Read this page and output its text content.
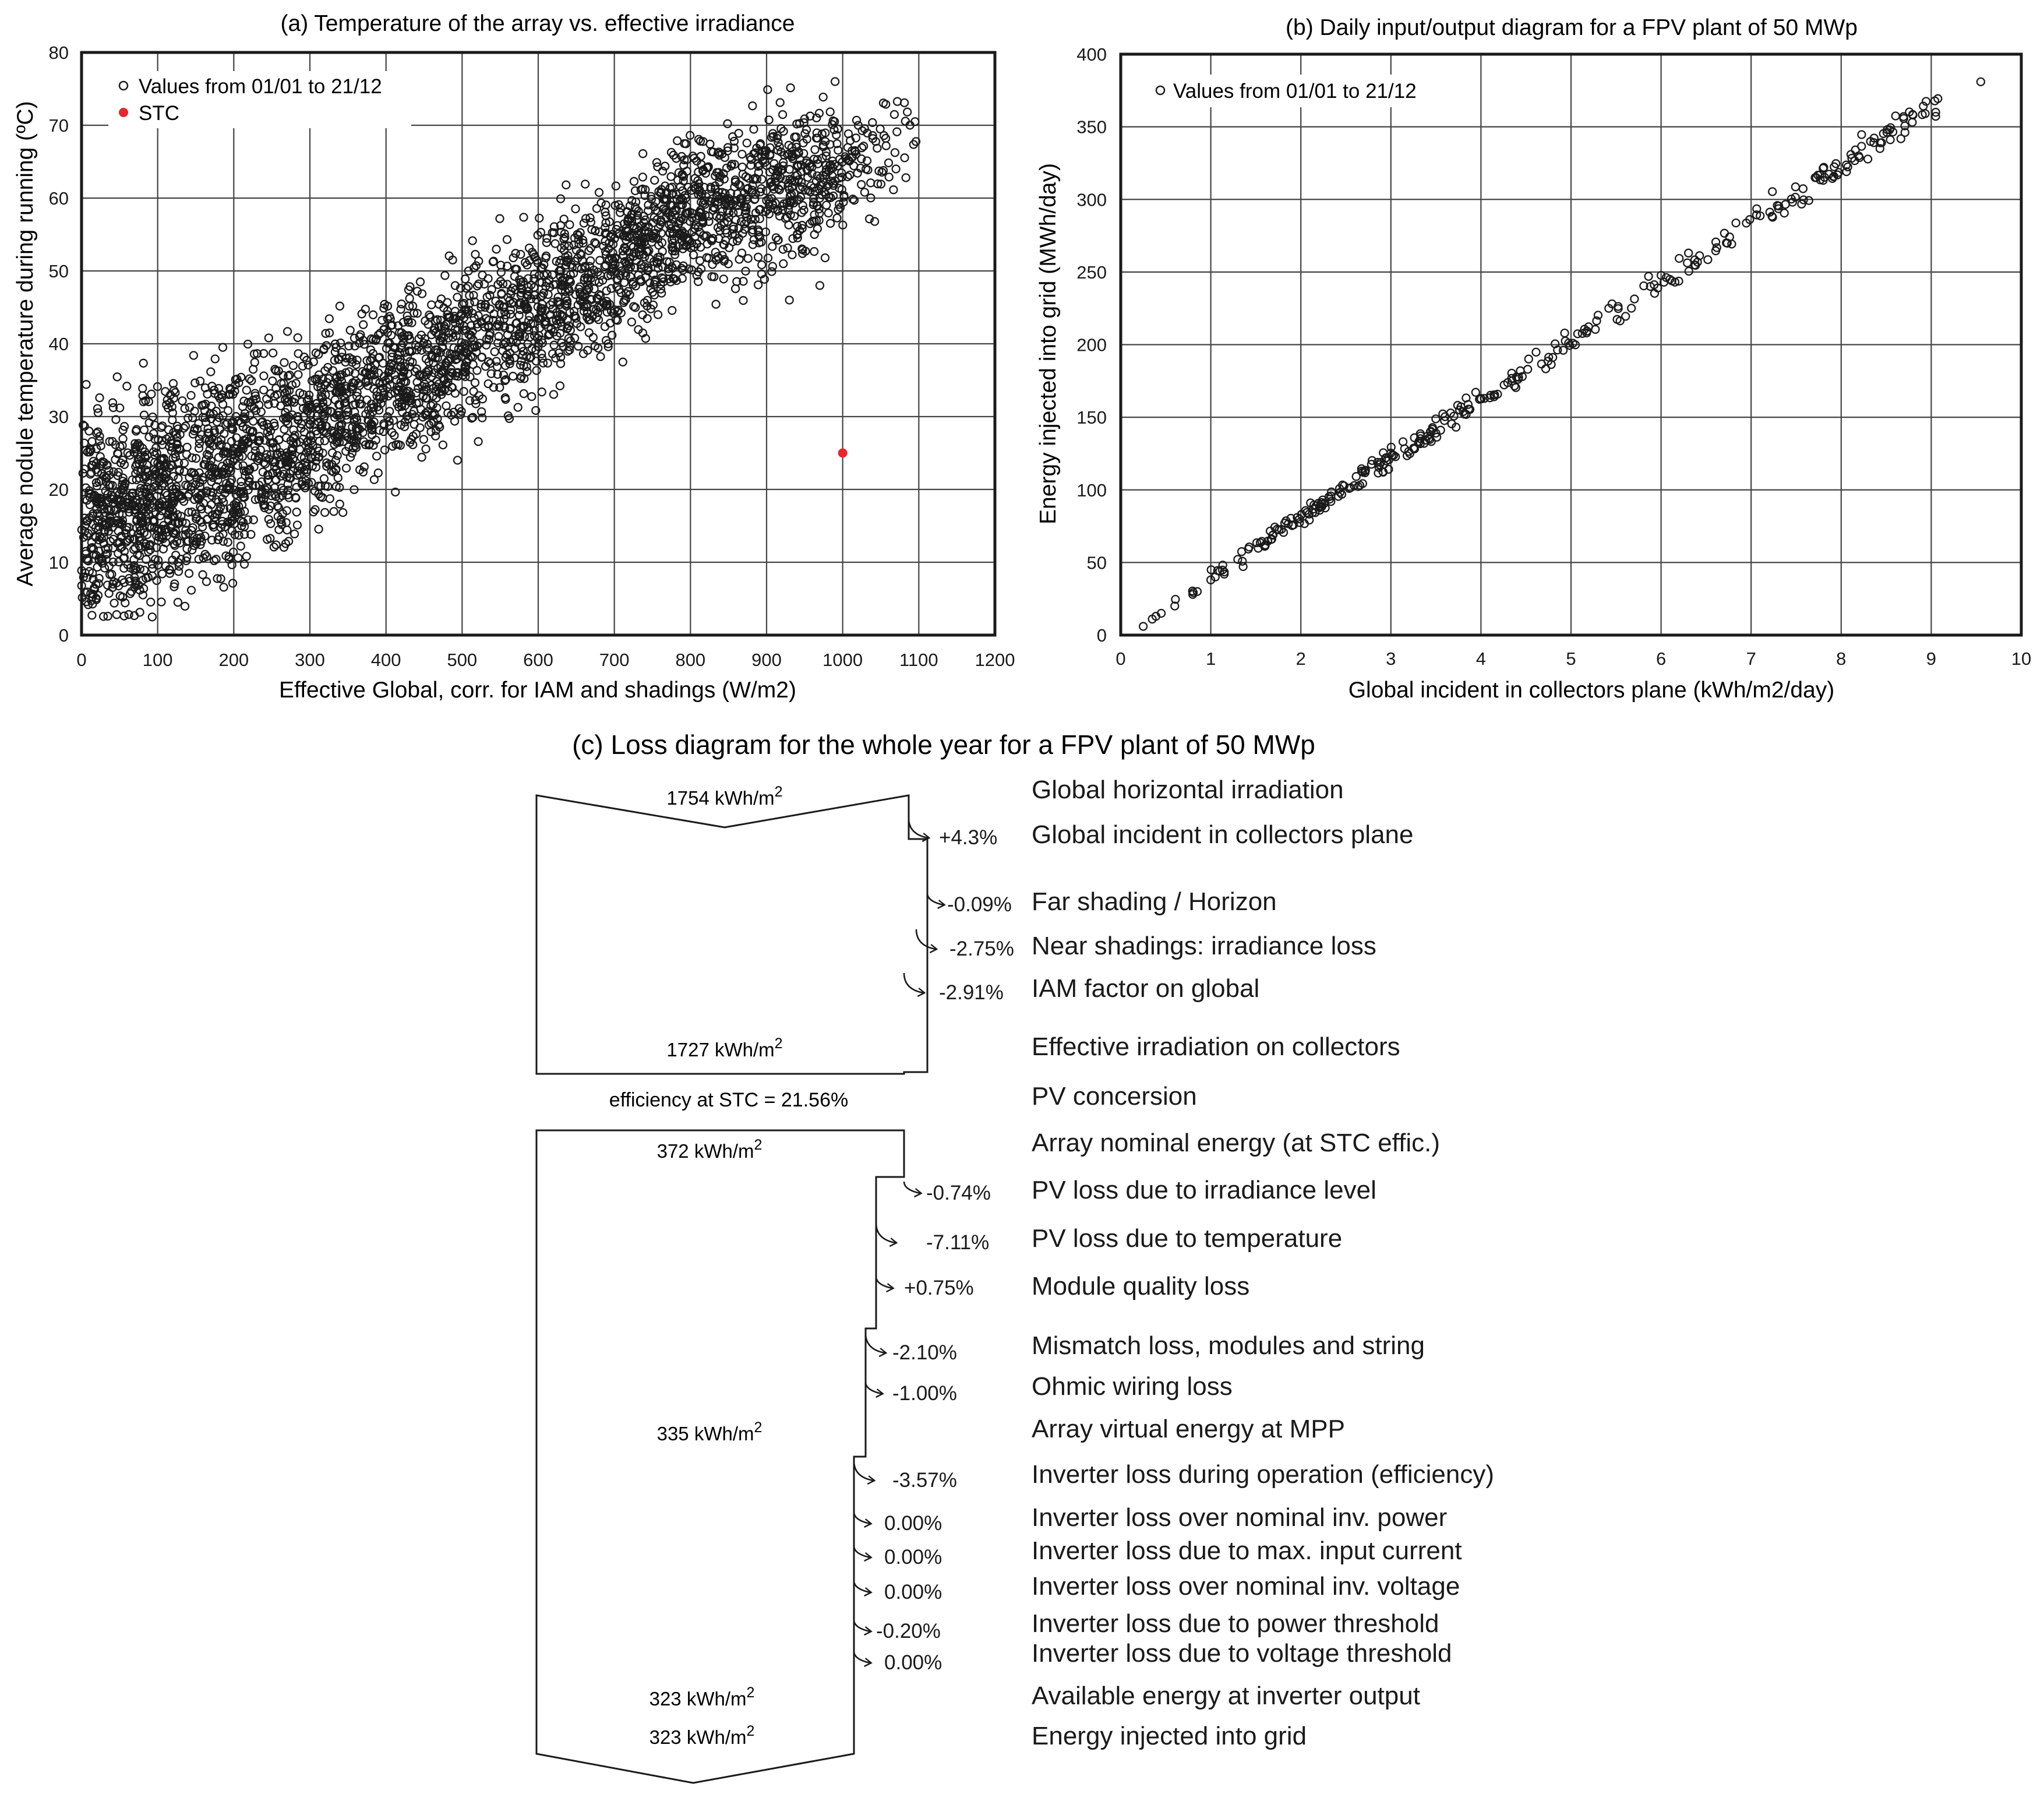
(a) Temperature of the array vs. effective irradiance
0	100	200	300	400	500	600	700	800	900 1000 1100 1200
0
10
20
30
40
50
60
70
80
Effective Global, corr. for IAM and shadings (W/m2)
Average nodule temperature during running (ºC)
Values from 01/01 to 21/12
STC
(b) Daily input/output diagram for a FPV plant of 50 MWp
0	1	2	3	4	5	6	7	8	9	10
0
50
100
150
200
250
300
350
400
Global incident in collectors plane (kWh/m2/day)
Energy injected into grid (MWh/day)
Values from 01/01 to 21/12
(c) Loss diagram for the whole year for a FPV plant of 50 MWp
1754 kWh/$m^2$
1727 kWh/$m^2$
efficiency at STC = 21.56%
372 kWh/$m^2$
335 kWh/$m^2$
323 kWh/$m^2$
323 kWh/$m^2$
Global horizontal irradiation
Global incident in collectors plane
+4.3%
Far shading / Horizon
-0.09%
Near shadings: irradiance loss
-2.75%
IAM factor on global
-2.91%
Effective irradiation on collectors
PV concersion
Array nominal energy (at STC effic.)
PV loss due to irradiance level
-0.74%
PV loss due to temperature
-7.11%
Module quality loss
+0.75%
Mismatch loss, modules and string
-2.10%
Ohmic wiring loss
-1.00%
Array virtual energy at MPP
Inverter loss during operation (efficiency)
-3.57%
Inverter loss over nominal inv. power
0.00%
Inverter loss due to max. input current
0.00%
Inverter loss over nominal inv. voltage
0.00%
Inverter loss due to power threshold
-0.20%
Inverter loss due to voltage threshold
0.00%
Available energy at inverter output
Energy injected into grid
